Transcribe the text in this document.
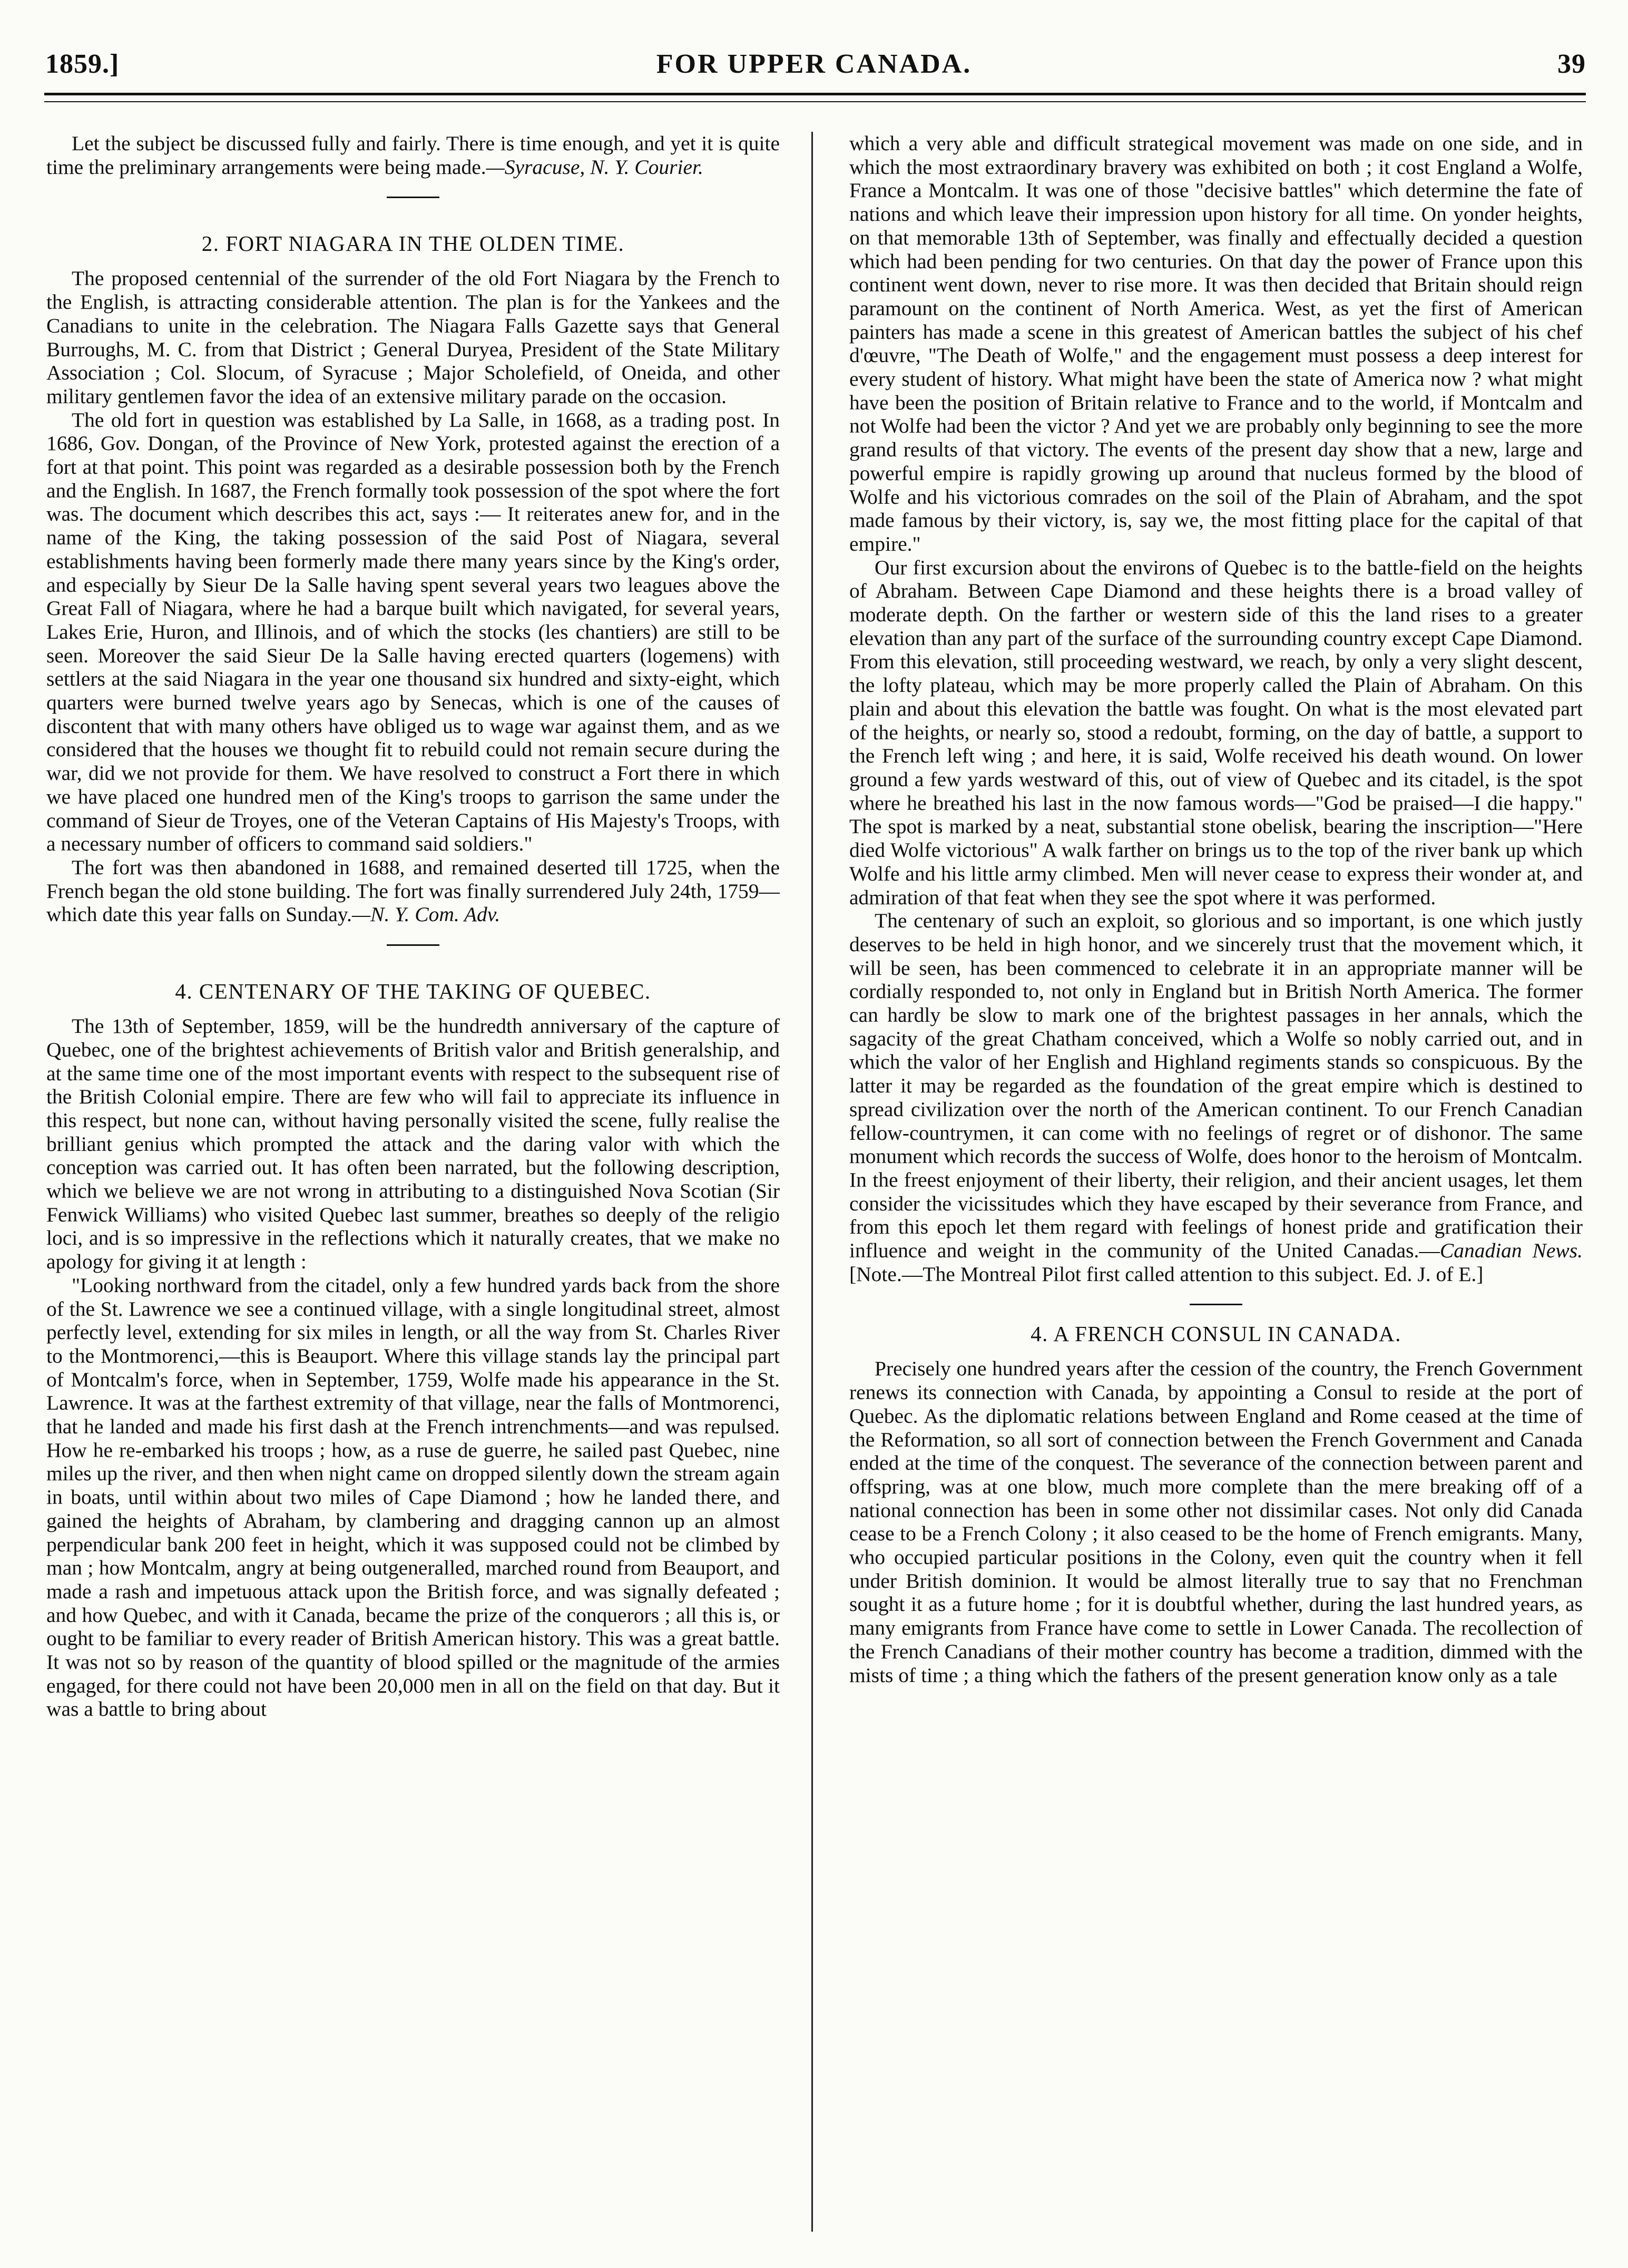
1859.]	FOR UPPER CANADA.	39

Let the subject be discussed fully and fairly. There is time enough, and yet it is quite time the preliminary arrangements were being made.—Syracuse, N. Y. Courier.

2. FORT NIAGARA IN THE OLDEN TIME.

The proposed centennial of the surrender of the old Fort Niagara by the French to the English, is attracting considerable attention. The plan is for the Yankees and the Canadians to unite in the celebration. The Niagara Falls Gazette says that General Burroughs, M. C. from that District ; General Duryea, President of the State Military Association ; Col. Slocum, of Syracuse ; Major Scholefield, of Oneida, and other military gentlemen favor the idea of an extensive military parade on the occasion.

The old fort in question was established by La Salle, in 1668, as a trading post. In 1686, Gov. Dongan, of the Province of New York, protested against the erection of a fort at that point. This point was regarded as a desirable possession both by the French and the English. In 1687, the French formally took possession of the spot where the fort was. The document which describes this act, says :— It reiterates anew for, and in the name of the King, the taking possession of the said Post of Niagara, several establishments having been formerly made there many years since by the King's order, and especially by Sieur De la Salle having spent several years two leagues above the Great Fall of Niagara, where he had a barque built which navigated, for several years, Lakes Erie, Huron, and Illinois, and of which the stocks (les chantiers) are still to be seen. Moreover the said Sieur De la Salle having erected quarters (logemens) with settlers at the said Niagara in the year one thousand six hundred and sixty-eight, which quarters were burned twelve years ago by Senecas, which is one of the causes of discontent that with many others have obliged us to wage war against them, and as we considered that the houses we thought fit to rebuild could not remain secure during the war, did we not provide for them. We have resolved to construct a Fort there in which we have placed one hundred men of the King's troops to garrison the same under the command of Sieur de Troyes, one of the Veteran Captains of His Majesty's Troops, with a necessary number of officers to command said soldiers."

The fort was then abandoned in 1688, and remained deserted till 1725, when the French began the old stone building. The fort was finally surrendered July 24th, 1759—which date this year falls on Sunday.—N. Y. Com. Adv.

4. CENTENARY OF THE TAKING OF QUEBEC.

The 13th of September, 1859, will be the hundredth anniversary of the capture of Quebec, one of the brightest achievements of British valor and British generalship, and at the same time one of the most important events with respect to the subsequent rise of the British Colonial empire. There are few who will fail to appreciate its influence in this respect, but none can, without having personally visited the scene, fully realise the brilliant genius which prompted the attack and the daring valor with which the conception was carried out. It has often been narrated, but the following description, which we believe we are not wrong in attributing to a distinguished Nova Scotian (Sir Fenwick Williams) who visited Quebec last summer, breathes so deeply of the religio loci, and is so impressive in the reflections which it naturally creates, that we make no apology for giving it at length :

"Looking northward from the citadel, only a few hundred yards back from the shore of the St. Lawrence we see a continued village, with a single longitudinal street, almost perfectly level, extending for six miles in length, or all the way from St. Charles River to the Montmorenci,—this is Beauport. Where this village stands lay the principal part of Montcalm's force, when in September, 1759, Wolfe made his appearance in the St. Lawrence. It was at the farthest extremity of that village, near the falls of Montmorenci, that he landed and made his first dash at the French intrenchments—and was repulsed. How he re-embarked his troops ; how, as a ruse de guerre, he sailed past Quebec, nine miles up the river, and then when night came on dropped silently down the stream again in boats, until within about two miles of Cape Diamond ; how he landed there, and gained the heights of Abraham, by clambering and dragging cannon up an almost perpendicular bank 200 feet in height, which it was supposed could not be climbed by man ; how Montcalm, angry at being outgeneralled, marched round from Beauport, and made a rash and impetuous attack upon the British force, and was signally defeated ; and how Quebec, and with it Canada, became the prize of the conquerors ; all this is, or ought to be familiar to every reader of British American history. This was a great battle. It was not so by reason of the quantity of blood spilled or the magnitude of the armies engaged, for there could not have been 20,000 men in all on the field on that day. But it was a battle to bring about

which a very able and difficult strategical movement was made on one side, and in which the most extraordinary bravery was exhibited on both ; it cost England a Wolfe, France a Montcalm. It was one of those "decisive battles" which determine the fate of nations and which leave their impression upon history for all time. On yonder heights, on that memorable 13th of September, was finally and effectually decided a question which had been pending for two centuries. On that day the power of France upon this continent went down, never to rise more. It was then decided that Britain should reign paramount on the continent of North America. West, as yet the first of American painters has made a scene in this greatest of American battles the subject of his chef d'œuvre, "The Death of Wolfe," and the engagement must possess a deep interest for every student of history. What might have been the state of America now ? what might have been the position of Britain relative to France and to the world, if Montcalm and not Wolfe had been the victor ? And yet we are probably only beginning to see the more grand results of that victory. The events of the present day show that a new, large and powerful empire is rapidly growing up around that nucleus formed by the blood of Wolfe and his victorious comrades on the soil of the Plain of Abraham, and the spot made famous by their victory, is, say we, the most fitting place for the capital of that empire."

Our first excursion about the environs of Quebec is to the battle-field on the heights of Abraham. Between Cape Diamond and these heights there is a broad valley of moderate depth. On the farther or western side of this the land rises to a greater elevation than any part of the surface of the surrounding country except Cape Diamond. From this elevation, still proceeding westward, we reach, by only a very slight descent, the lofty plateau, which may be more properly called the Plain of Abraham. On this plain and about this elevation the battle was fought. On what is the most elevated part of the heights, or nearly so, stood a redoubt, forming, on the day of battle, a support to the French left wing ; and here, it is said, Wolfe received his death wound. On lower ground a few yards westward of this, out of view of Quebec and its citadel, is the spot where he breathed his last in the now famous words—"God be praised—I die happy." The spot is marked by a neat, substantial stone obelisk, bearing the inscription—"Here died Wolfe victorious" A walk farther on brings us to the top of the river bank up which Wolfe and his little army climbed. Men will never cease to express their wonder at, and admiration of that feat when they see the spot where it was performed.

The centenary of such an exploit, so glorious and so important, is one which justly deserves to be held in high honor, and we sincerely trust that the movement which, it will be seen, has been commenced to celebrate it in an appropriate manner will be cordially responded to, not only in England but in British North America. The former can hardly be slow to mark one of the brightest passages in her annals, which the sagacity of the great Chatham conceived, which a Wolfe so nobly carried out, and in which the valor of her English and Highland regiments stands so conspicuous. By the latter it may be regarded as the foundation of the great empire which is destined to spread civilization over the north of the American continent. To our French Canadian fellow-countrymen, it can come with no feelings of regret or of dishonor. The same monument which records the success of Wolfe, does honor to the heroism of Montcalm. In the freest enjoyment of their liberty, their religion, and their ancient usages, let them consider the vicissitudes which they have escaped by their severance from France, and from this epoch let them regard with feelings of honest pride and gratification their influence and weight in the community of the United Canadas.—Canadian News. [Note.—The Montreal Pilot first called attention to this subject. Ed. J. of E.]

4. A FRENCH CONSUL IN CANADA.

Precisely one hundred years after the cession of the country, the French Government renews its connection with Canada, by appointing a Consul to reside at the port of Quebec. As the diplomatic relations between England and Rome ceased at the time of the Reformation, so all sort of connection between the French Government and Canada ended at the time of the conquest. The severance of the connection between parent and offspring, was at one blow, much more complete than the mere breaking off of a national connection has been in some other not dissimilar cases. Not only did Canada cease to be a French Colony ; it also ceased to be the home of French emigrants. Many, who occupied particular positions in the Colony, even quit the country when it fell under British dominion. It would be almost literally true to say that no Frenchman sought it as a future home ; for it is doubtful whether, during the last hundred years, as many emigrants from France have come to settle in Lower Canada. The recollection of the French Canadians of their mother country has become a tradition, dimmed with the mists of time ; a thing which the fathers of the present generation know only as a tale
